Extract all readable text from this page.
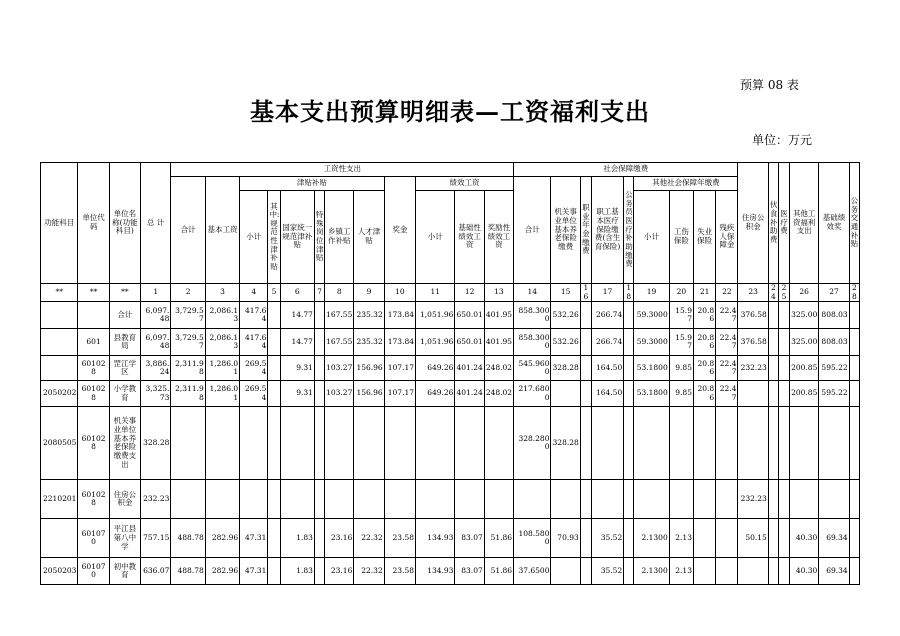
预算 08 表
基本支出预算明细表—工资福利支出
单位：万元
功能科目	单位代码	单位名称(功能科目)	总 计	工资性支出												社会保障缴费									住房公积金	伙食补助费	医疗费	其他工资福利支出	基础绩效奖	公务交通补贴
				合计	基本工资	津贴补贴						奖金	绩效工资			合计	机关事业单位基本养老保险缴费	职业年金缴费	职工基本医疗保险缴费(含生育保险)	公务员医疗补助缴费	其他社会保障年缴费									
						小计	其中:规范性津补贴	国家统一规范津补贴	特殊岗位津贴	乡镇工作补贴	人才津贴		小计	基础性绩效工资	奖励性绩效工资						小计	工伤保险	失业保险	残疾人保障金						
**	**	**	1	2	3	4	5	6	7	8	9	10	11	12	13	14	15	16	17	18	19	20	21	22	23	24	25	26	27	28
		合计	6,097.48	3,729.57	2,086.13	417.64		14.77		167.55	235.32	173.84	1,051.96	650.01	401.95	858.3000	532.26		266.74		59.3000	15.97	20.86	22.47	376.58			325.00	808.03	
	601	县教育局	6,097.48	3,729.57	2,086.13	417.64		14.77		167.55	235.32	173.84	1,051.96	650.01	401.95	858.3000	532.26		266.74		59.3000	15.97	20.86	22.47	376.58			325.00	808.03	
	601028	罡江学区	3,886.24	2,311.98	1,286.01	269.54		9.31		103.27	156.96	107.17	649.26	401.24	248.02	545.9600	328.28		164.50		53.1800	9.85	20.86	22.47	232.23			200.85	595.22	
2050202	601028	小学教育	3,325.73	2,311.98	1,286.01	269.54		9.31		103.27	156.96	107.17	649.26	401.24	248.02	217.6800			164.50		53.1800	9.85	20.86	22.47				200.85	595.22	
2080505	601028	机关事业单位基本养老保险缴费支出	328.28													328.2800	328.28													
2210201	601028	住房公积金	232.23																						232.23					
	601070	平江县第八中学	757.15	488.78	282.96	47.31		1.83		23.16	22.32	23.58	134.93	83.07	51.86	108.5800	70.93		35.52		2.1300	2.13			50.15			40.30	69.34	
2050203	601070	初中教育	636.07	488.78	282.96	47.31		1.83		23.16	22.32	23.58	134.93	83.07	51.86	37.6500			35.52		2.1300	2.13						40.30	69.34	
